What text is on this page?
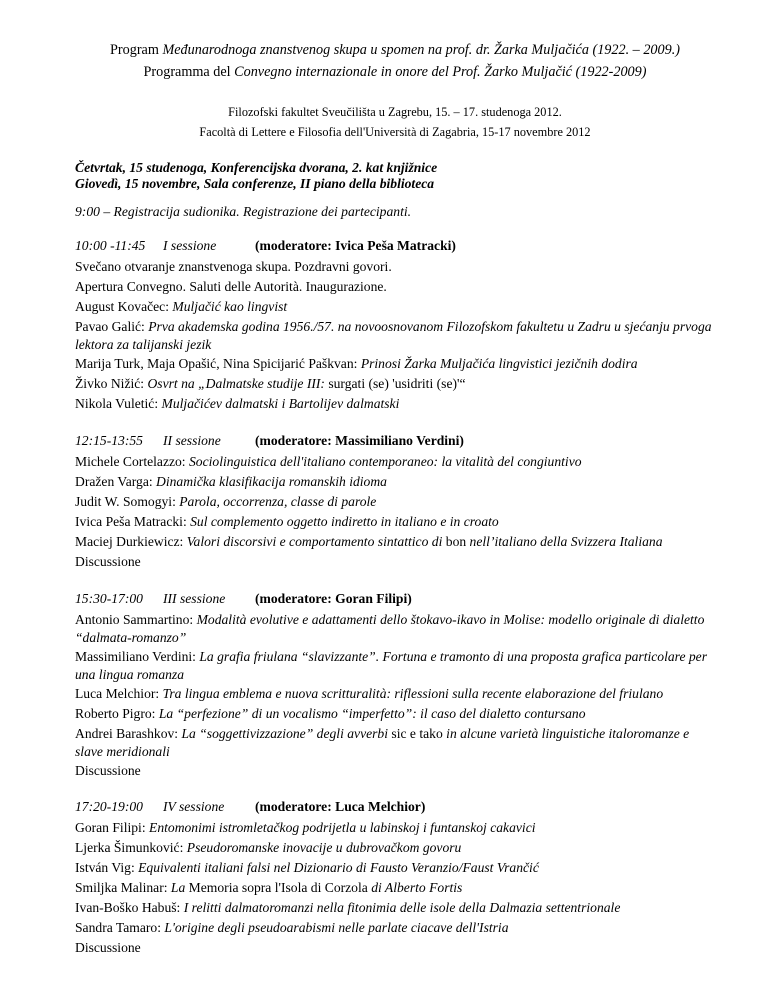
Program Međunarodnoga znanstvenog skupa u spomen na prof. dr. Žarka Muljačića (1922. – 2009.)
Programma del Convegno internazionale in onore del Prof. Žarko Muljačić (1922-2009)
Filozofski fakultet Sveučilišta u Zagrebu, 15. – 17. studenoga 2012.
Facoltà di Lettere e Filosofia dell'Università di Zagabria, 15-17 novembre 2012
Četvrtak, 15 studenoga, Konferencijska dvorana, 2. kat knjižnice
Giovedì, 15 novembre, Sala conferenze, II piano della biblioteca
9:00 – Registracija sudionika. Registrazione dei partecipanti.
10:00 -11:45 I sessione	(moderatore: Ivica Peša Matracki)
Svečano otvaranje znanstvenoga skupa. Pozdravni govori.
Apertura Convegno. Saluti delle Autorità. Inaugurazione.
August Kovačec: Muljačić kao lingvist
Pavao Galić: Prva akademska godina 1956./57. na novoosnovanom Filozofskom fakultetu u Zadru u sjećanju prvoga lektora za talijanski jezik
Marija Turk, Maja Opašić, Nina Spicijarić Paškvan: Prinosi Žarka Muljačića lingvistici jezičnih dodira
Živko Nižić: Osvrt na „Dalmatske studije III: surgati (se) 'usidriti (se)'“
Nikola Vuletić: Muljačićev dalmatski i Bartolijev dalmatski
12:15-13:55 II sessione	(moderatore: Massimiliano Verdini)
Michele Cortelazzo: Sociolinguistica dell'italiano contemporaneo: la vitalità del congiuntivo
Dražen Varga: Dinamička klasifikacija romanskih idioma
Judit W. Somogyi: Parola, occorrenza, classe di parole
Ivica Peša Matracki: Sul complemento oggetto indiretto in italiano e in croato
Maciej Durkiewicz: Valori discorsivi e comportamento sintattico di bon nell’italiano della Svizzera Italiana
Discussione
15:30-17:00 III sessione (moderatore: Goran Filipi)
Antonio Sammartino: Modalità evolutive e adattamenti dello štokavo-ikavo in Molise: modello originale di dialetto “dalmata-romanzo”
Massimiliano Verdini: La grafia friulana “slavizzante”. Fortuna e tramonto di una proposta grafica particolare per una lingua romanza
Luca Melchior: Tra lingua emblema e nuova scritturalità: riflessioni sulla recente elaborazione del friulano
Roberto Pigro: La “perfezione” di un vocalismo “imperfetto”: il caso del dialetto contursano
Andrei Barashkov: La “soggettivizzazione” degli avverbi sic e tako in alcune varietà linguistiche italoromanze e slave meridionali
Discussione
17:20-19:00 IV sessione (moderatore: Luca Melchior)
Goran Filipi: Entomonimi istromletačkog podrijetla u labinskoj i funtanskoj cakavici
Ljerka Šimunković: Pseudoromanske inovacije u dubrovačkom govoru
István Vig: Equivalenti italiani falsi nel Dizionario di Fausto Veranzio/Faust Vrančić
Smiljka Malinar: La Memoria sopra l'Isola di Corzola di Alberto Fortis
Ivan-Boško Habuš: I relitti dalmatoromanzi nella fitonimia delle isole della Dalmazia settentrionale
Sandra Tamaro: L'origine degli pseudoarabismi nelle parlate ciacave dell'Istria
Discussione
